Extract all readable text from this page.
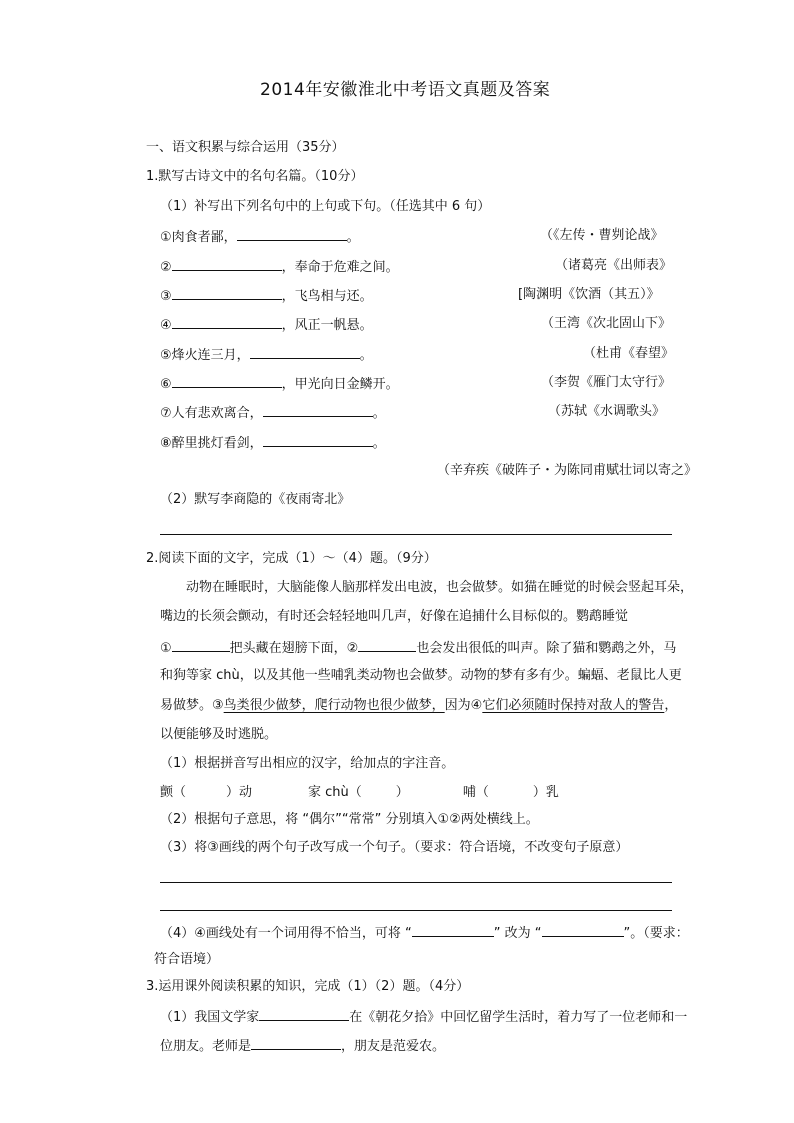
2014年安徽淮北中考语文真题及答案
一、语文积累与综合运用（35分）
1.默写古诗文中的名句名篇。（10分）
（1）补写出下列名句中的上句或下句。（任选其中 6 句）
①肉食者鄙，	。	（《左传・曹刿论战》
②	，奉命于危难之间。	（诸葛亮《出师表》
③	，飞鸟相与还。	[陶渊明《饮酒（其五）》
④	，风正一帆悬。	（王湾《次北固山下》
⑤烽火连三月，	。	（杜甫《春望》
⑥	，甲光向日金鳞开。	（李贺《雁门太守行》
⑦人有悲欢离合，	。	（苏轼《水调歌头》
⑧醉里挑灯看剑，	。
（辛弃疾《破阵子・为陈同甫赋壮词以寄之》
（2）默写李商隐的《夜雨寄北》
2.阅读下面的文字，完成（1）～（4）题。（9分）
动物在睡眠时，大脑能像人脑那样发出电波，也会做梦。如猫在睡觉的时候会竖起耳朵，
嘴边的长须会颤动，有时还会轻轻地叫几声，好像在追捕什么目标似的。鹦鹉睡觉
①	把头藏在翅膀下面，②	也会发出很低的叫声。除了猫和鹦鹉之外，马
和狗等家 chù，以及其他一些哺乳类动物也会做梦。动物的梦有多有少。蝙蝠、老鼠比人更
易做梦。③鸟类很少做梦，爬行动物也很少做梦，因为④它们必须随时保持对敌人的警告，
以便能够及时逃脱。
（1）根据拼音写出相应的汉字，给加点的字注音。
颤（	）动	家 chù（	）	哺（	）乳
（2）根据句子意思，将 “偶尔”“常常” 分别填入①②两处横线上。
（3）将③画线的两个句子改写成一个句子。（要求：符合语境，不改变句子原意）
（4）④画线处有一个词用得不恰当，可将 “	” 改为 “	”。（要求：
符合语境）
3.运用课外阅读积累的知识，完成（1）（2）题。（4分）
（1）我国文学家	在《朝花夕拾》中回忆留学生活时，着力写了一位老师和一
位朋友。老师是	，朋友是范爱农。
